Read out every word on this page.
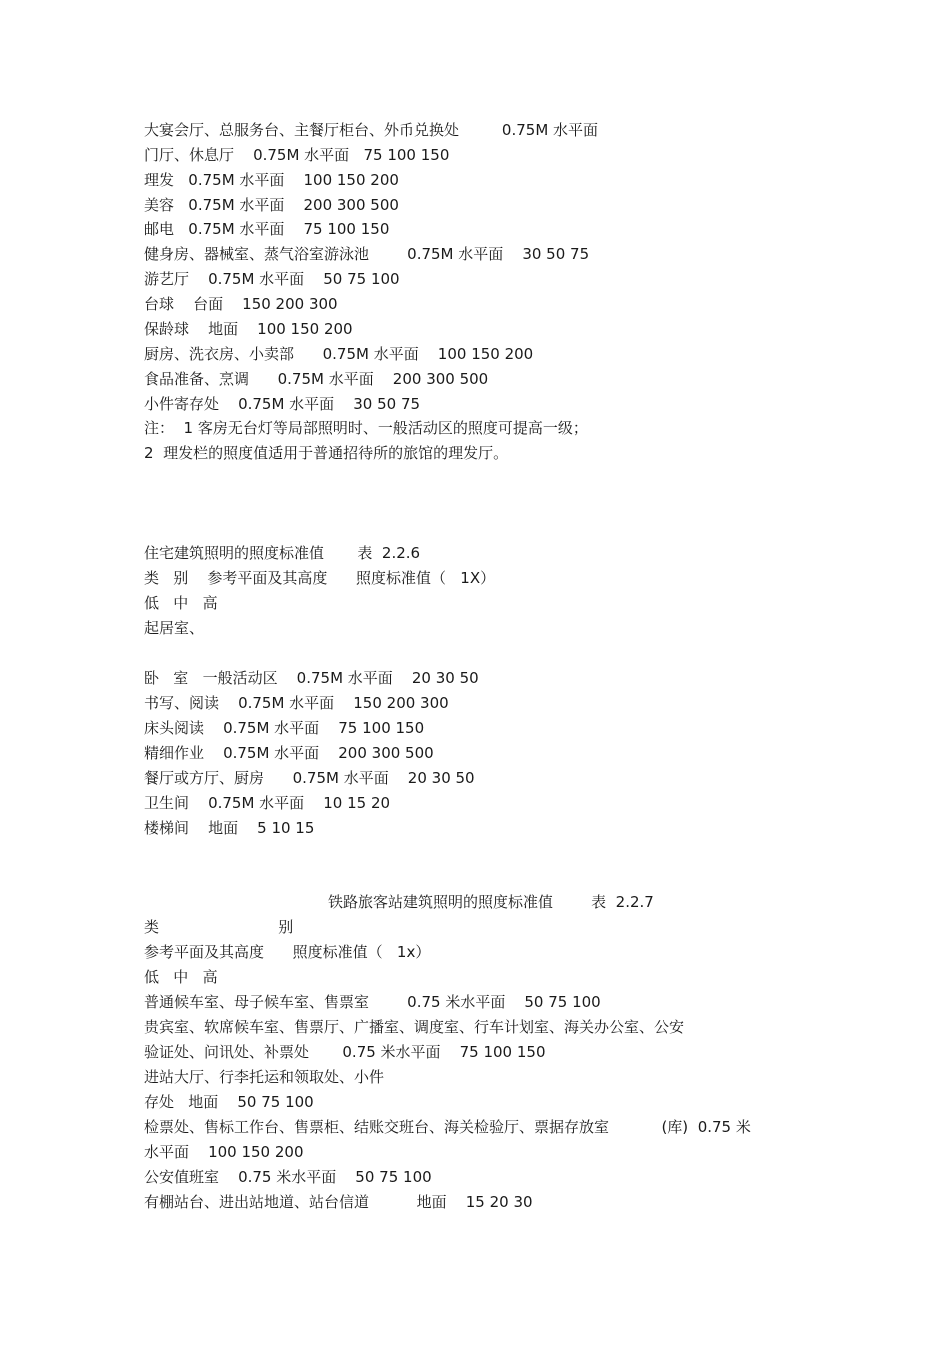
大宴会厅、总服务台、主餐厅柜台、外币兑换处         0.75M 水平面
门厅、休息厅    0.75M 水平面   75 100 150
理发   0.75M 水平面    100 150 200
美容   0.75M 水平面    200 300 500
邮电   0.75M 水平面    75 100 150
健身房、器械室、蒸气浴室游泳池        0.75M 水平面    30 50 75
游艺厅    0.75M 水平面    50 75 100
台球    台面    150 200 300
保龄球    地面    100 150 200
厨房、洗衣房、小卖部      0.75M 水平面    100 150 200
食品准备、烹调      0.75M 水平面    200 300 500
小件寄存处    0.75M 水平面    30 50 75
注：  1 客房无台灯等局部照明时、一般活动区的照度可提高一级；
2  理发栏的照度值适用于普通招待所的旅馆的理发厅。
住宅建筑照明的照度标准值       表  2.2.6
类   别    参考平面及其高度      照度标准值（   1X）
低   中   高
起居室、
卧   室   一般活动区    0.75M 水平面    20 30 50
书写、阅读    0.75M 水平面    150 200 300
床头阅读    0.75M 水平面    75 100 150
精细作业    0.75M 水平面    200 300 500
餐厅或方厅、厨房      0.75M 水平面    20 30 50
卫生间    0.75M 水平面    10 15 20
楼梯间    地面    5 10 15
铁路旅客站建筑照明的照度标准值        表  2.2.7
类                         别
参考平面及其高度      照度标准值（   1x）
低   中   高
普通候车室、母子候车室、售票室        0.75 米水平面    50 75 100
贵宾室、软席候车室、售票厅、广播室、调度室、行车计划室、海关办公室、公安
验证处、问讯处、补票处       0.75 米水平面    75 100 150
进站大厅、行李托运和领取处、小件
存处   地面    50 75 100
检票处、售标工作台、售票柜、结账交班台、海关检验厅、票据存放室           (库)  0.75 米
水平面    100 150 200
公安值班室    0.75 米水平面    50 75 100
有棚站台、进出站地道、站台信道          地面    15 20 30
